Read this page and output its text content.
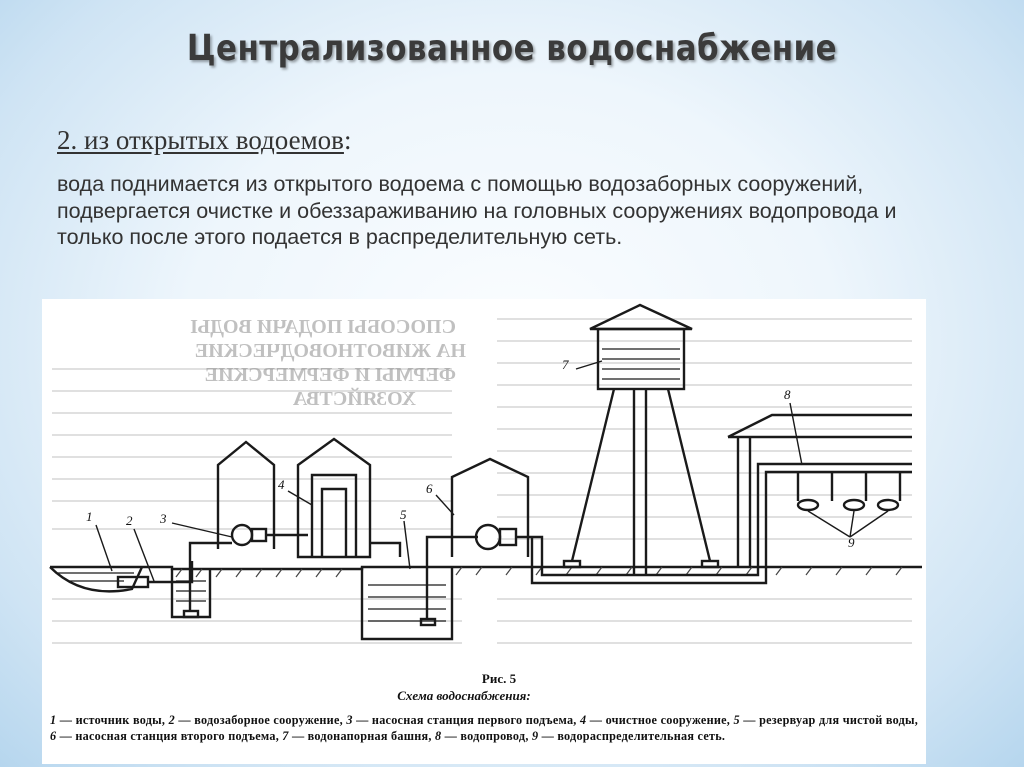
Централизованное водоснабжение
2. из открытых водоемов:
вода поднимается из открытого водоема с помощью водозаборных сооружений, подвергается очистке и обеззараживанию на головных сооружениях водопровода и только после этого подается в распределительную сеть.
СПОСОБЫ ПОДАЧИ ВОДЫ
НА ЖИВОТНОВОДЧЕСКИЕ
ФЕРМЫ И ФЕРМЕРСКИЕ
ХОЗЯЙСТВА
1	2 3
4
5
6
7
8
9
Рис. 5
Схема водоснабжения:
1 — источник воды, 2 — водозаборное сооружение, 3 — насосная станция первого подъема, 4 — очистное сооружение, 5 — резервуар для чистой воды, 6 — насосная станция второго подъема, 7 — водонапорная башня, 8 — водопровод, 9 — водораспределительная сеть.
